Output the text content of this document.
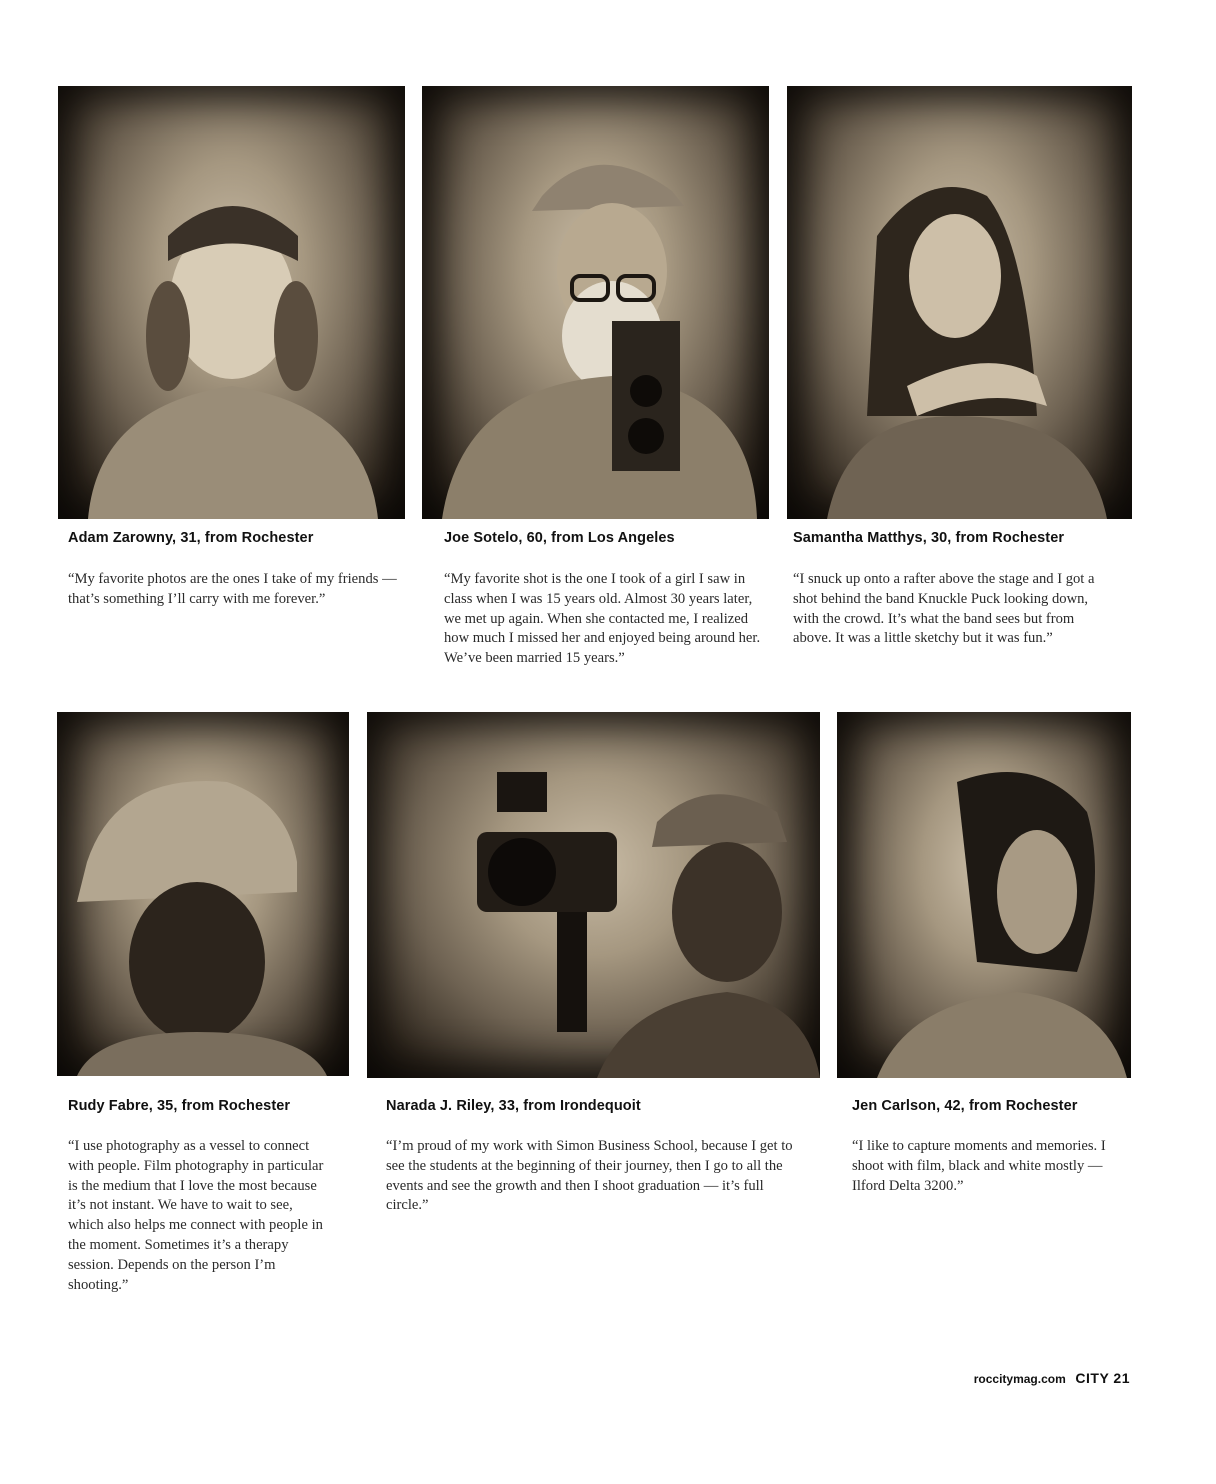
Adam Zarowny, 31, from Rochester

“My favorite photos are the ones I take of my friends — that’s something I’ll carry with me forever.”

Joe Sotelo, 60, from Los Angeles

“My favorite shot is the one I took of a girl I saw in class when I was 15 years old. Almost 30 years later, we met up again. When she contacted me, I realized how much I missed her and enjoyed being around her. We’ve been married 15 years.”

Samantha Matthys, 30, from Rochester

“I snuck up onto a rafter above the stage and I got a shot behind the band Knuckle Puck looking down, with the crowd. It’s what the band sees but from above. It was a little sketchy but it was fun.”

Rudy Fabre, 35, from Rochester

“I use photography as a vessel to connect with people. Film photography in particular is the medium that I love the most because it’s not instant. We have to wait to see, which also helps me connect with people in the moment. Sometimes it’s a therapy session. Depends on the person I’m shooting.”

Narada J. Riley, 33, from Irondequoit

“I’m proud of my work with Simon Business School, because I get to see the students at the beginning of their journey, then I go to all the events and see the growth and then I shoot graduation — it’s full circle.”

Jen Carlson, 42, from Rochester

“I like to capture moments and memories. I shoot with film, black and white mostly — Ilford Delta 3200.”

roccitymag.com CITY 21
